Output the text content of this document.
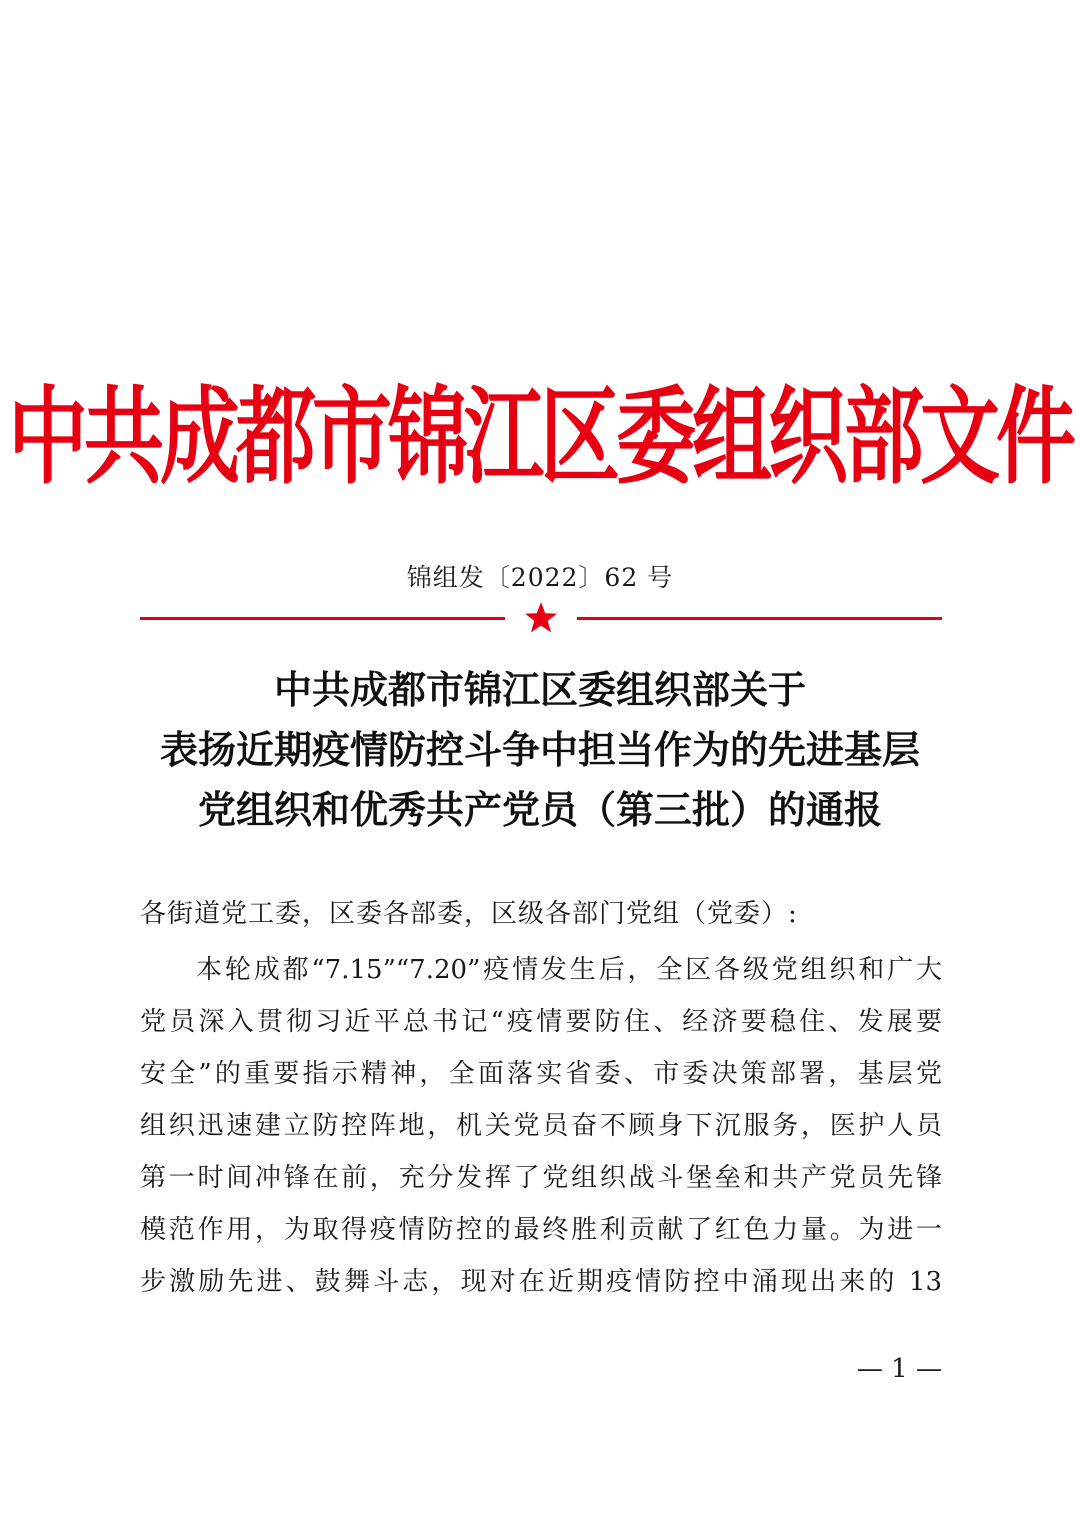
中共成都市锦江区委组织部文件
锦组发〔2022〕62 号
中共成都市锦江区委组织部关于
表扬近期疫情防控斗争中担当作为的先进基层
党组织和优秀共产党员（第三批）的通报
各街道党工委，区委各部委，区级各部门党组（党委）:
本轮成都“7.15”“7.20”疫情发生后，全区各级党组织和广大
党员深入贯彻习近平总书记“疫情要防住、经济要稳住、发展要
安全”的重要指示精神，全面落实省委、市委决策部署，基层党
组织迅速建立防控阵地，机关党员奋不顾身下沉服务，医护人员
第一时间冲锋在前，充分发挥了党组织战斗堡垒和共产党员先锋
模范作用，为取得疫情防控的最终胜利贡献了红色力量。为进一
步激励先进、鼓舞斗志，现对在近期疫情防控中涌现出来的 13
— 1 —
